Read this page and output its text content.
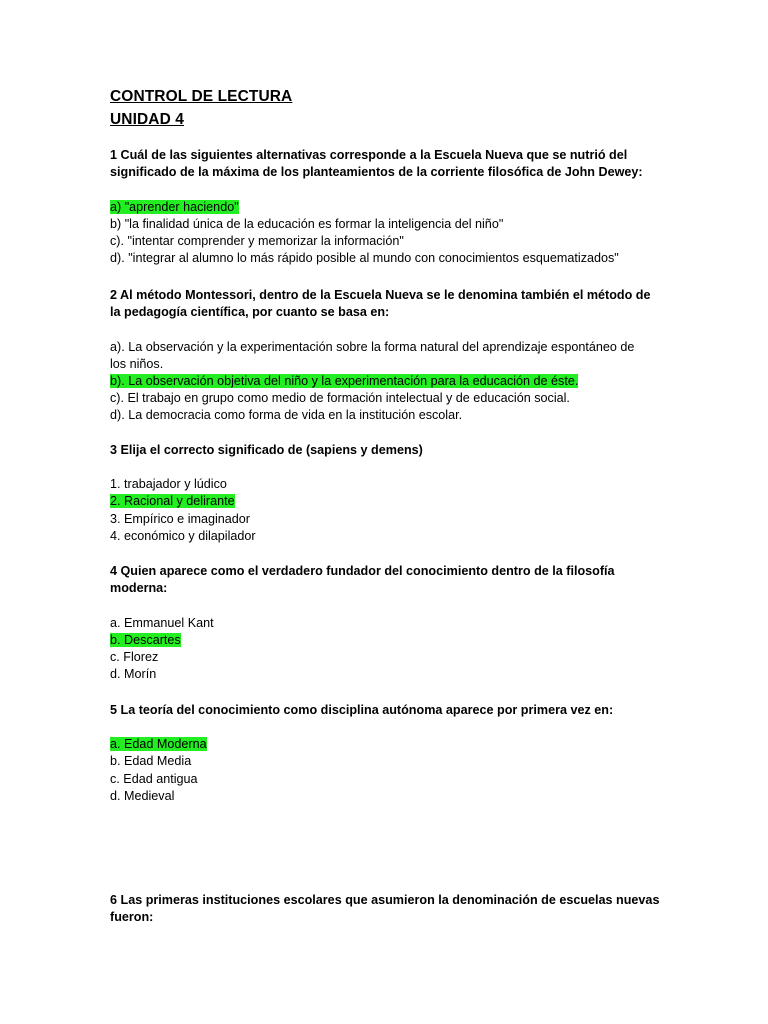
CONTROL DE LECTURA
UNIDAD 4
1 Cuál de las siguientes alternativas corresponde a la Escuela Nueva que se nutrió del
significado de la máxima de los planteamientos de la corriente filosófica de John Dewey:
a) "aprender haciendo"
b) "la finalidad única de la educación es formar la inteligencia del niño"
c). "intentar comprender y memorizar la información"
d). "integrar al alumno lo más rápido posible al mundo con conocimientos esquematizados"
2 Al método Montessori, dentro de la Escuela Nueva se le denomina también el método de
la pedagogía científica, por cuanto se basa en:
a). La observación y la experimentación sobre la forma natural del aprendizaje espontáneo de
los niños.
b). La observación objetiva del niño y la experimentación para la educación de éste.
c). El trabajo en grupo como medio de formación intelectual y de educación social.
d). La democracia como forma de vida en la institución escolar.
3 Elija el correcto significado de (sapiens y demens)
1. trabajador y lúdico
2. Racional y delirante
3. Empírico e imaginador
4. económico y dilapilador
4 Quien aparece como el verdadero fundador del conocimiento dentro de la filosofía
moderna:
a. Emmanuel Kant
b. Descartes
c. Florez
d. Morín
5 La teoría del conocimiento como disciplina autónoma aparece por primera vez en:
a. Edad Moderna
b. Edad Media
c. Edad antigua
d. Medieval
6 Las primeras instituciones escolares que asumieron la denominación de escuelas nuevas
fueron:
